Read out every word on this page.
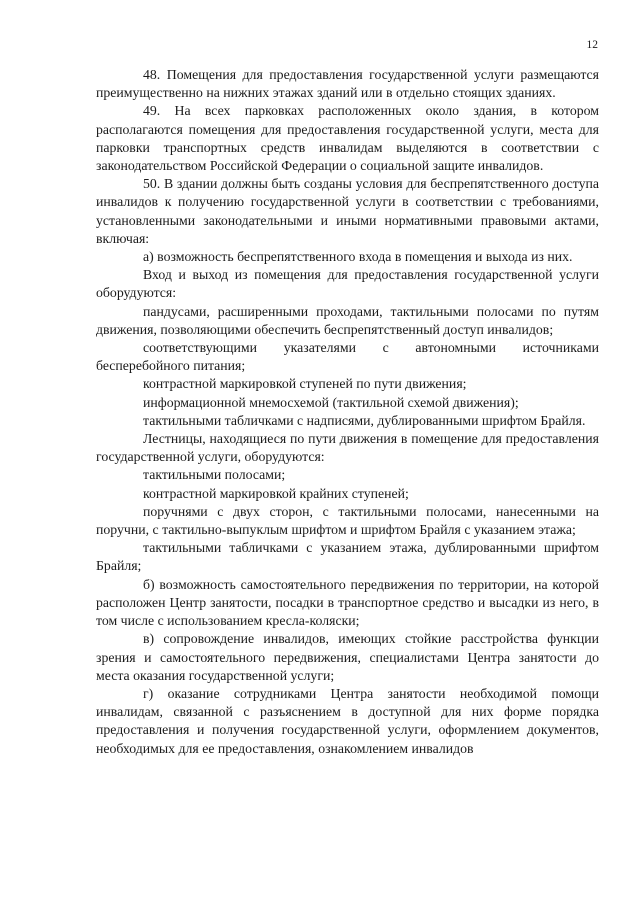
12

48. Помещения для предоставления государственной услуги размещаются преимущественно на нижних этажах зданий или в отдельно стоящих зданиях.

49. На всех парковках расположенных около здания, в котором располагаются помещения для предоставления государственной услуги, места для парковки транспортных средств инвалидам выделяются в соответствии с законодательством Российской Федерации о социальной защите инвалидов.

50. В здании должны быть созданы условия для беспрепятственного доступа инвалидов к получению государственной услуги в соответствии с требованиями, установленными законодательными и иными нормативными правовыми актами, включая:

а) возможность беспрепятственного входа в помещения и выхода из них.

Вход и выход из помещения для предоставления государственной услуги оборудуются:

пандусами, расширенными проходами, тактильными полосами по путям движения, позволяющими обеспечить беспрепятственный доступ инвалидов;

соответствующими указателями с автономными источниками бесперебойного питания;

контрастной маркировкой ступеней по пути движения;

информационной мнемосхемой (тактильной схемой движения);

тактильными табличками с надписями, дублированными шрифтом Брайля.

Лестницы, находящиеся по пути движения в помещение для предоставления государственной услуги, оборудуются:

тактильными полосами;

контрастной маркировкой крайних ступеней;

поручнями с двух сторон, с тактильными полосами, нанесенными на поручни, с тактильно-выпуклым шрифтом и шрифтом Брайля с указанием этажа;

тактильными табличками с указанием этажа, дублированными шрифтом Брайля;

б) возможность самостоятельного передвижения по территории, на которой расположен Центр занятости, посадки в транспортное средство и высадки из него, в том числе с использованием кресла-коляски;

в) сопровождение инвалидов, имеющих стойкие расстройства функции зрения и самостоятельного передвижения, специалистами Центра занятости до места оказания государственной услуги;

г) оказание сотрудниками Центра занятости необходимой помощи инвалидам, связанной с разъяснением в доступной для них форме порядка предоставления и получения государственной услуги, оформлением документов, необходимых для ее предоставления, ознакомлением инвалидов
